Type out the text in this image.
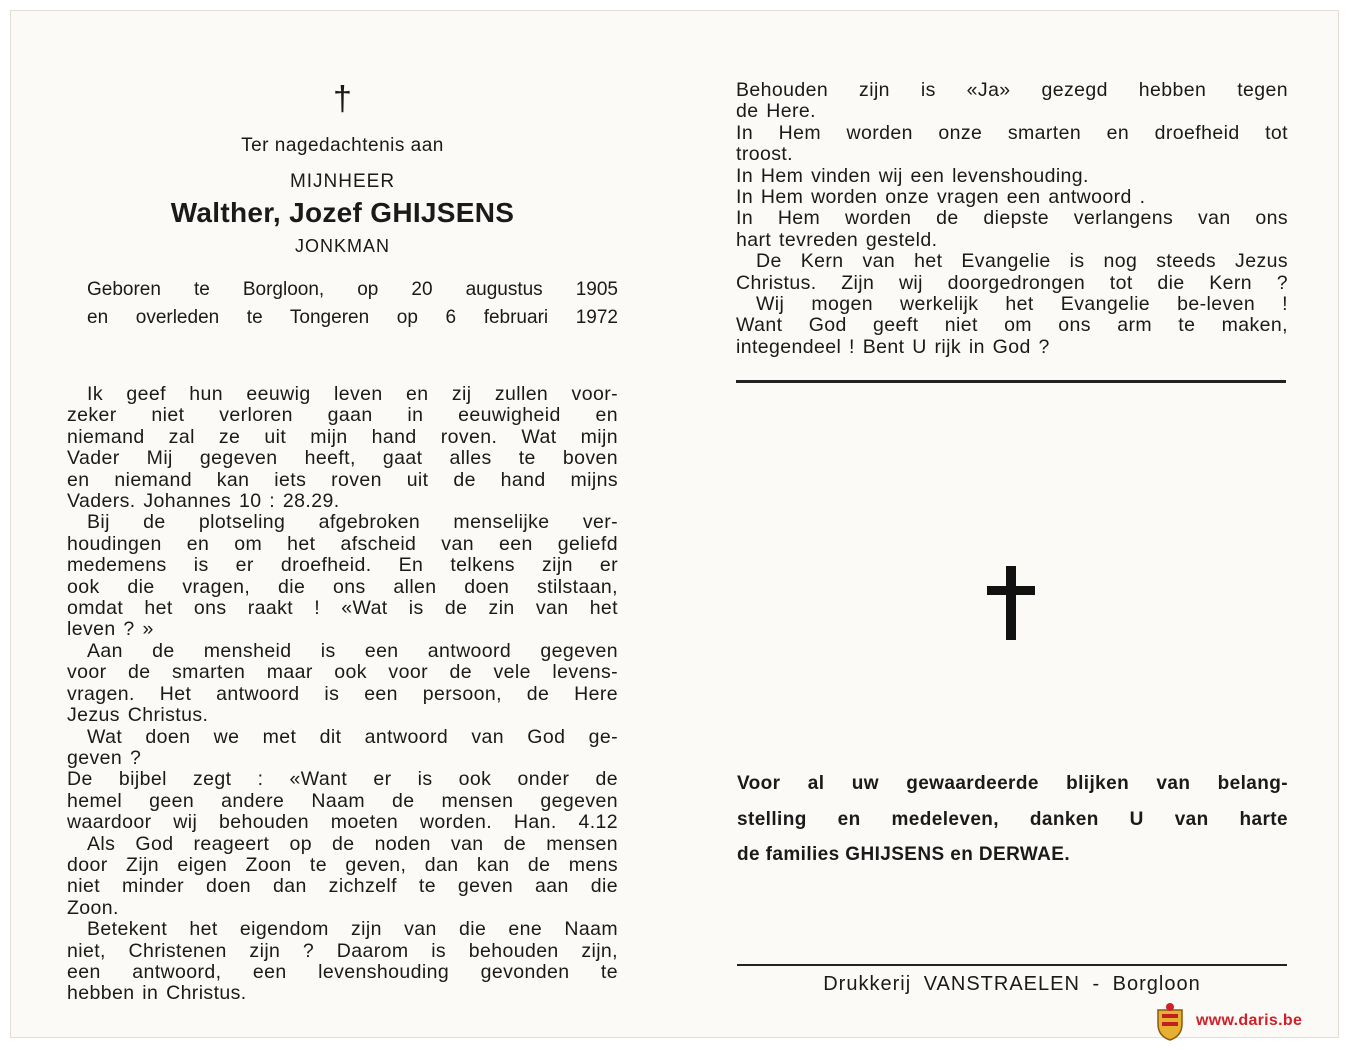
†
Ter nagedachtenis aan
MIJNHEER
Walther, Jozef GHIJSENS
JONKMAN
Geboren te Borgloon, op 20 augustus 1905
en overleden te Tongeren op 6 februari 1972
Ik geef hun eeuwig leven en zij zullen voor-
zeker niet verloren gaan in eeuwigheid en
niemand zal ze uit mijn hand roven. Wat mijn
Vader Mij gegeven heeft, gaat alles te boven
en niemand kan iets roven uit de hand mijns
Vaders. Johannes 10 : 28.29.
Bij de plotseling afgebroken menselijke ver-
houdingen en om het afscheid van een geliefd
medemens is er droefheid. En telkens zijn er
ook die vragen, die ons allen doen stilstaan,
omdat het ons raakt ! «Wat is de zin van het
leven ? »
Aan de mensheid is een antwoord gegeven
voor de smarten maar ook voor de vele levens-
vragen. Het antwoord is een persoon, de Here
Jezus Christus.
Wat doen we met dit antwoord van God ge-
geven ?
De bijbel zegt : «Want er is ook onder de
hemel geen andere Naam de mensen gegeven
waardoor wij behouden moeten worden. Han. 4.12
Als God reageert op de noden van de mensen
door Zijn eigen Zoon te geven, dan kan de mens
niet minder doen dan zichzelf te geven aan die
Zoon.
Betekent het eigendom zijn van die ene Naam
niet, Christenen zijn ? Daarom is behouden zijn,
een antwoord, een levenshouding gevonden te
hebben in Christus.
Behouden zijn is «Ja» gezegd hebben tegen
de Here.
In Hem worden onze smarten en droefheid tot
troost.
In Hem vinden wij een levenshouding.
In Hem worden onze vragen een antwoord .
In Hem worden de diepste verlangens van ons
hart tevreden gesteld.
De Kern van het Evangelie is nog steeds Jezus
Christus. Zijn wij doorgedrongen tot die Kern ?
Wij mogen werkelijk het Evangelie be-leven !
Want God geeft niet om ons arm te maken,
integendeel ! Bent U rijk in God ?
Voor al uw gewaardeerde blijken van belang-
stelling en medeleven, danken U van harte
de families GHIJSENS en DERWAE.
Drukkerij VANSTRAELEN - Borgloon
www.daris.be
